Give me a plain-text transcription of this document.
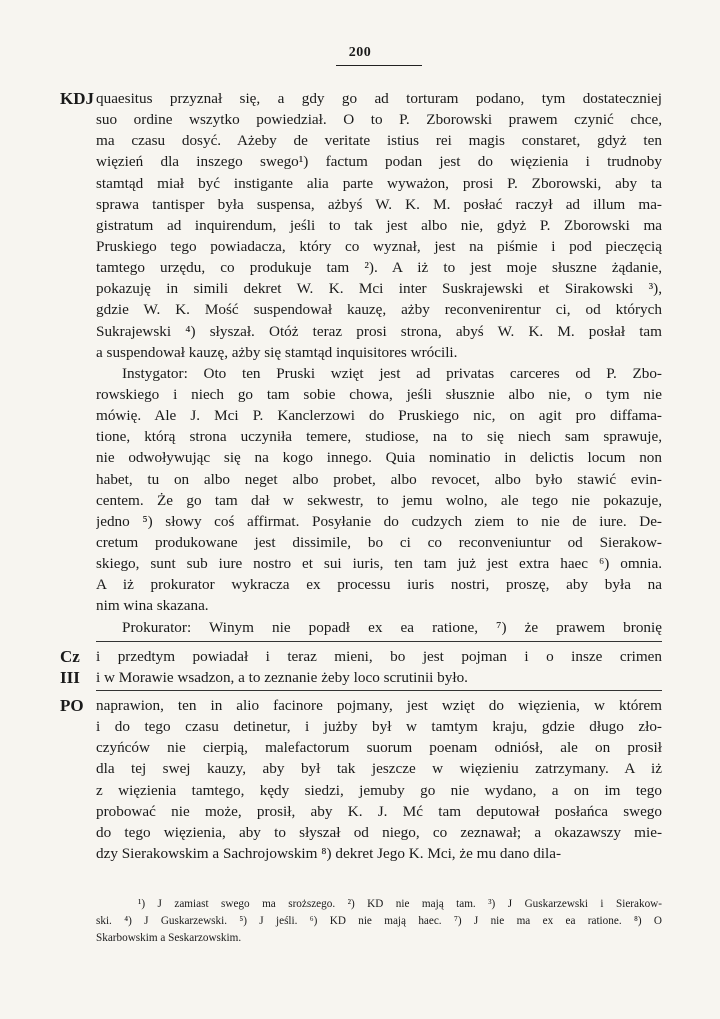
200
KDJ quaesitus przyznał się, a gdy go ad torturam podano, tym dostateczniej
suo ordine wszytko powiedział. O to P. Zborowski prawem czynić chce,
ma czasu dosyć. Ażeby de veritate istius rei magis constaret, gdyż ten
więzień dla inszego swego¹) factum podan jest do więzienia i trudnoby
stamtąd miał być instigante alia parte wyważon, prosi P. Zborowski, aby ta
sprawa tantisper była suspensa, ażbyś W. K. M. posłać raczył ad illum ma-
gistratum ad inquirendum, jeśli to tak jest albo nie, gdyż P. Zborowski ma
Pruskiego tego powiadacza, który co wyznał, jest na piśmie i pod pieczęcią
tamtego urzędu, co produkuje tam ²). A iż to jest moje słuszne żądanie,
pokazuję in simili dekret W. K. Mci inter Suskrajewski et Sirakowski ³),
gdzie W. K. Mość suspendował kauzę, ażby reconvenirentur ci, od których
Sukrajewski ⁴) słyszał. Otóż teraz prosi strona, abyś W. K. M. posłał tam
a suspendował kauzę, ażby się stamtąd inquisitores wrócili.
Instygator: Oto ten Pruski wzięt jest ad privatas carceres od P. Zbo-
rowskiego i niech go tam sobie chowa, jeśli słusznie albo nie, o tym nie
mówię. Ale J. Mci P. Kanclerzowi do Pruskiego nic, on agit pro diffama-
tione, którą strona uczyniła temere, studiose, na to się niech sam sprawuje,
nie odwoływując się na kogo innego. Quia nominatio in delictis locum non
habet, tu on albo neget albo probet, albo revocet, albo było stawić evin-
centem. Że go tam dał w sekwestr, to jemu wolno, ale tego nie pokazuje,
jedno ⁵) słowy coś affirmat. Posyłanie do cudzych ziem to nie de iure. De-
cretum produkowane jest dissimile, bo ci co reconveniuntur od Sierakow-
skiego, sunt sub iure nostro et sui iuris, ten tam już jest extra haec ⁶) omnia.
A iż prokurator wykracza ex processu iuris nostri, proszę, aby była na
nim wina skazana.
Prokurator: Winym nie popadł ex ea ratione, ⁷) że prawem bronię
Cz
III
i przedtym powiadał i teraz mieni, bo jest pojman i o insze crimen
i w Morawie wsadzon, a to zeznanie żeby loco scrutinii było.
PO naprawion, ten in alio facinore pojmany, jest wzięt do więzienia, w którem
i do tego czasu detinetur, i jużby był w tamtym kraju, gdzie długo zło-
czyńców nie cierpią, malefactorum suorum poenam odniósł, ale on prosił
dla tej swej kauzy, aby był tak jeszcze w więzieniu zatrzymany. A iż
z więzienia tamtego, kędy siedzi, jemuby go nie wydano, a on im tego
probować nie może, prosił, aby K. J. Mć tam deputował posłańca swego
do tego więzienia, aby to słyszał od niego, co zeznawał; a okazawszy mie-
dzy Sierakowskim a Sachrojowskim ⁸) dekret Jego K. Mci, że mu dano dila-
¹) J zamiast swego ma sroższego. ²) KD nie mają tam. ³) J Guskarzewski i Sierakow-
ski. ⁴) J Guskarzewski. ⁵) J jeśli. ⁶) KD nie mają haec. ⁷) J nie ma ex ea ratione. ⁸) O
Skarbowskim a Seskarzowskim.
